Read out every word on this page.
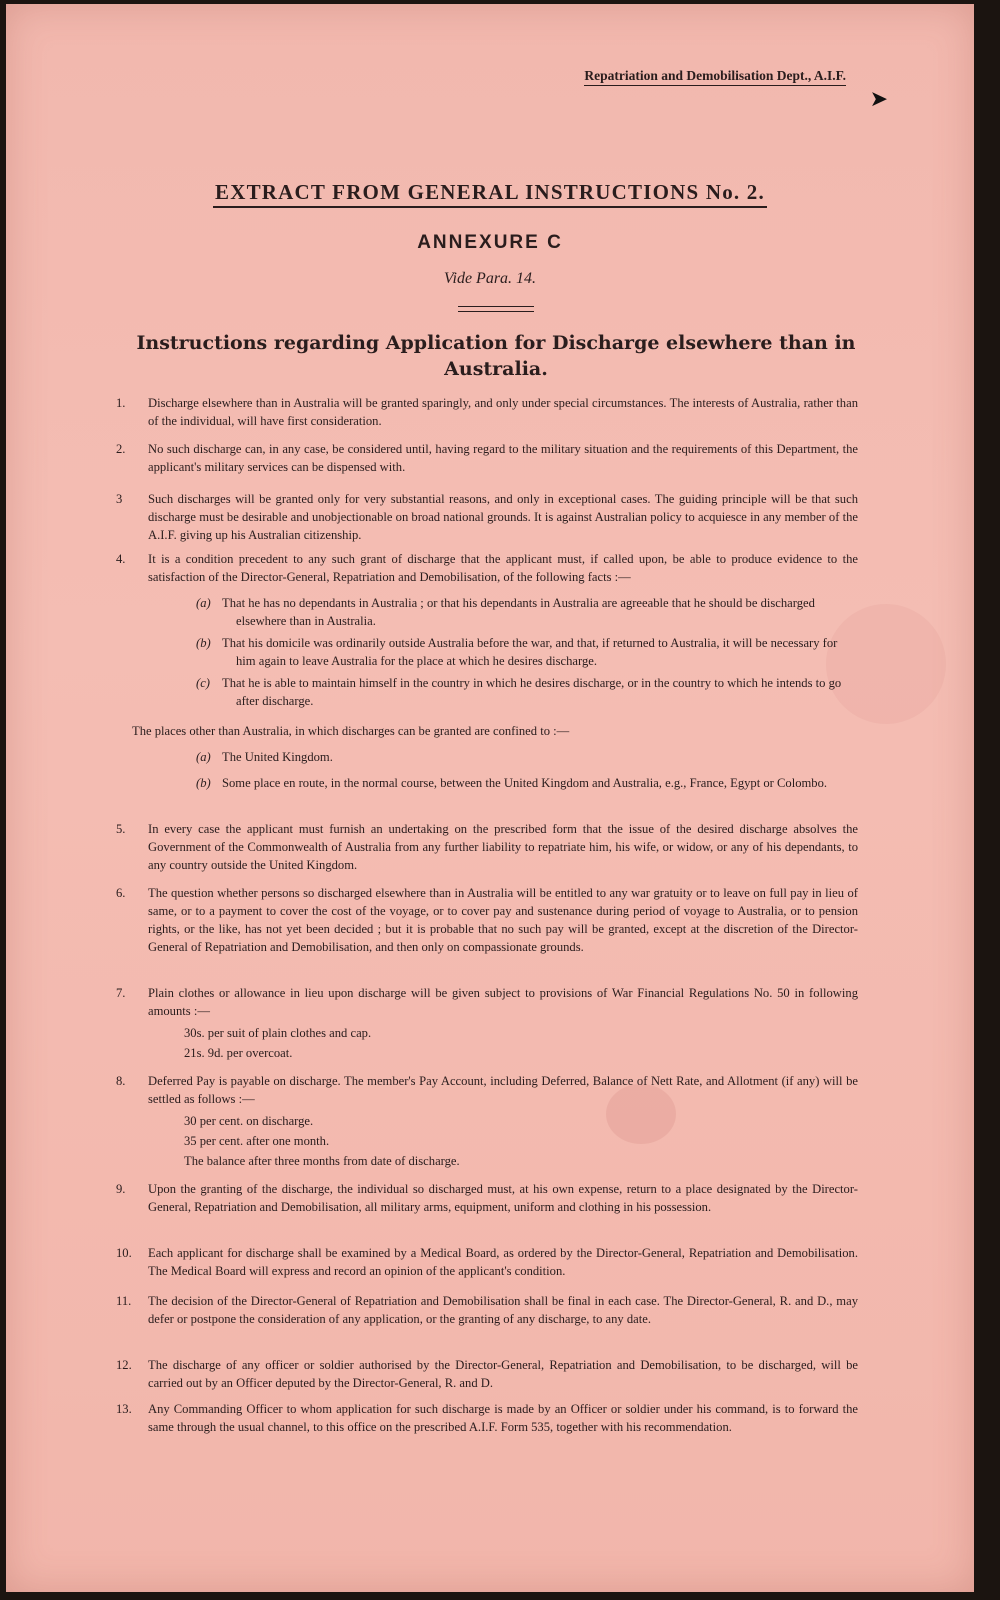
Repatriation and Demobilisation Dept., A.I.F.
➤
EXTRACT FROM GENERAL INSTRUCTIONS No. 2.
ANNEXURE C
Vide Para. 14.
Instructions regarding Application for Discharge elsewhere than in Australia.
1. Discharge elsewhere than in Australia will be granted sparingly, and only under special circumstances. The interests of Australia, rather than of the individual, will have first consideration.
2. No such discharge can, in any case, be considered until, having regard to the military situation and the requirements of this Department, the applicant's military services can be dispensed with.
3 Such discharges will be granted only for very substantial reasons, and only in exceptional cases. The guiding principle will be that such discharge must be desirable and unobjectionable on broad national grounds. It is against Australian policy to acquiesce in any member of the A.I.F. giving up his Australian citizenship.
4. It is a condition precedent to any such grant of discharge that the applicant must, if called upon, be able to produce evidence to the satisfaction of the Director-General, Repatriation and Demobilisation, of the following facts :—
(a) That he has no dependants in Australia ; or that his dependants in Australia are agreeable that he should be discharged elsewhere than in Australia.
(b) That his domicile was ordinarily outside Australia before the war, and that, if returned to Australia, it will be necessary for him again to leave Australia for the place at which he desires discharge.
(c) That he is able to maintain himself in the country in which he desires discharge, or in the country to which he intends to go after discharge.
The places other than Australia, in which discharges can be granted are confined to :—
(a) The United Kingdom.
(b) Some place en route, in the normal course, between the United Kingdom and Australia, e.g., France, Egypt or Colombo.
5. In every case the applicant must furnish an undertaking on the prescribed form that the issue of the desired discharge absolves the Government of the Commonwealth of Australia from any further liability to repatriate him, his wife, or widow, or any of his dependants, to any country outside the United Kingdom.
6. The question whether persons so discharged elsewhere than in Australia will be entitled to any war gratuity or to leave on full pay in lieu of same, or to a payment to cover the cost of the voyage, or to cover pay and sustenance during period of voyage to Australia, or to pension rights, or the like, has not yet been decided ; but it is probable that no such pay will be granted, except at the discretion of the Director-General of Repatriation and Demobilisation, and then only on compassionate grounds.
7. Plain clothes or allowance in lieu upon discharge will be given subject to provisions of War Financial Regulations No. 50 in following amounts :—
30s. per suit of plain clothes and cap.
21s. 9d. per overcoat.
8. Deferred Pay is payable on discharge. The member's Pay Account, including Deferred, Balance of Nett Rate, and Allotment (if any) will be settled as follows :—
30 per cent. on discharge.
35 per cent. after one month.
The balance after three months from date of discharge.
9. Upon the granting of the discharge, the individual so discharged must, at his own expense, return to a place designated by the Director-General, Repatriation and Demobilisation, all military arms, equipment, uniform and clothing in his possession.
10. Each applicant for discharge shall be examined by a Medical Board, as ordered by the Director-General, Repatriation and Demobilisation. The Medical Board will express and record an opinion of the applicant's condition.
11. The decision of the Director-General of Repatriation and Demobilisation shall be final in each case. The Director-General, R. and D., may defer or postpone the consideration of any application, or the granting of any discharge, to any date.
12. The discharge of any officer or soldier authorised by the Director-General, Repatriation and Demobilisation, to be discharged, will be carried out by an Officer deputed by the Director-General, R. and D.
13. Any Commanding Officer to whom application for such discharge is made by an Officer or soldier under his command, is to forward the same through the usual channel, to this office on the prescribed A.I.F. Form 535, together with his recommendation.
